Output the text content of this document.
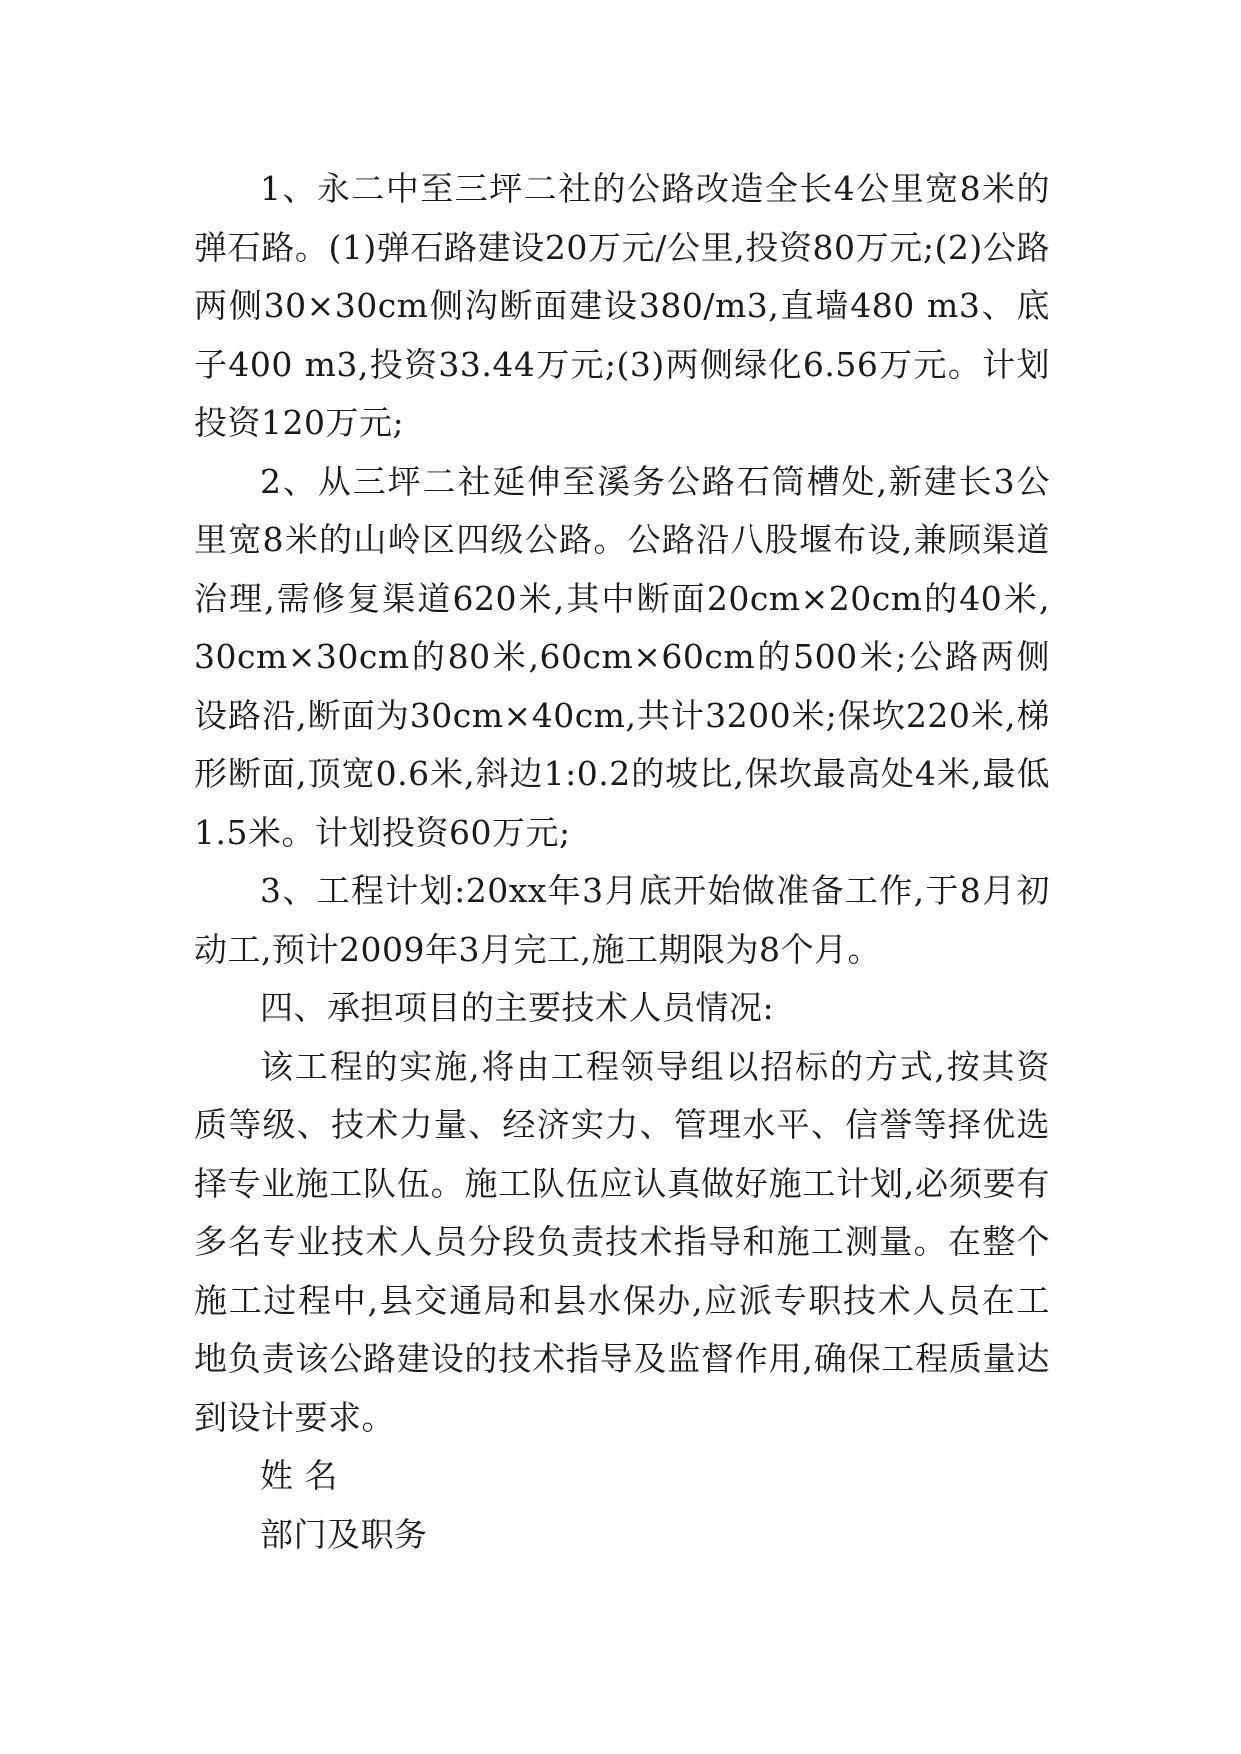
1、永二中至三坪二社的公路改造全长4公里宽8米的弹石路。(1)弹石路建设20万元/公里,投资80万元;(2)公路两侧30×30cm侧沟断面建设380/m3,直墙480 m3、底子400 m3,投资33.44万元;(3)两侧绿化6.56万元。计划投资120万元;

2、从三坪二社延伸至溪务公路石筒槽处,新建长3公里宽8米的山岭区四级公路。公路沿八股堰布设,兼顾渠道治理,需修复渠道620米,其中断面20cm×20cm的40米, 30cm×30cm的80米,60cm×60cm的500米;公路两侧设路沿,断面为30cm×40cm,共计3200米;保坎220米,梯形断面,顶宽0.6米,斜边1:0.2的坡比,保坎最高处4米,最低1.5米。计划投资60万元;

3、工程计划:20xx年3月底开始做准备工作,于8月初动工,预计2009年3月完工,施工期限为8个月。

四、承担项目的主要技术人员情况:

该工程的实施,将由工程领导组以招标的方式,按其资质等级、技术力量、经济实力、管理水平、信誉等择优选择专业施工队伍。施工队伍应认真做好施工计划,必须要有多名专业技术人员分段负责技术指导和施工测量。在整个施工过程中,县交通局和县水保办,应派专职技术人员在工地负责该公路建设的技术指导及监督作用,确保工程质量达到设计要求。

姓 名

部门及职务
